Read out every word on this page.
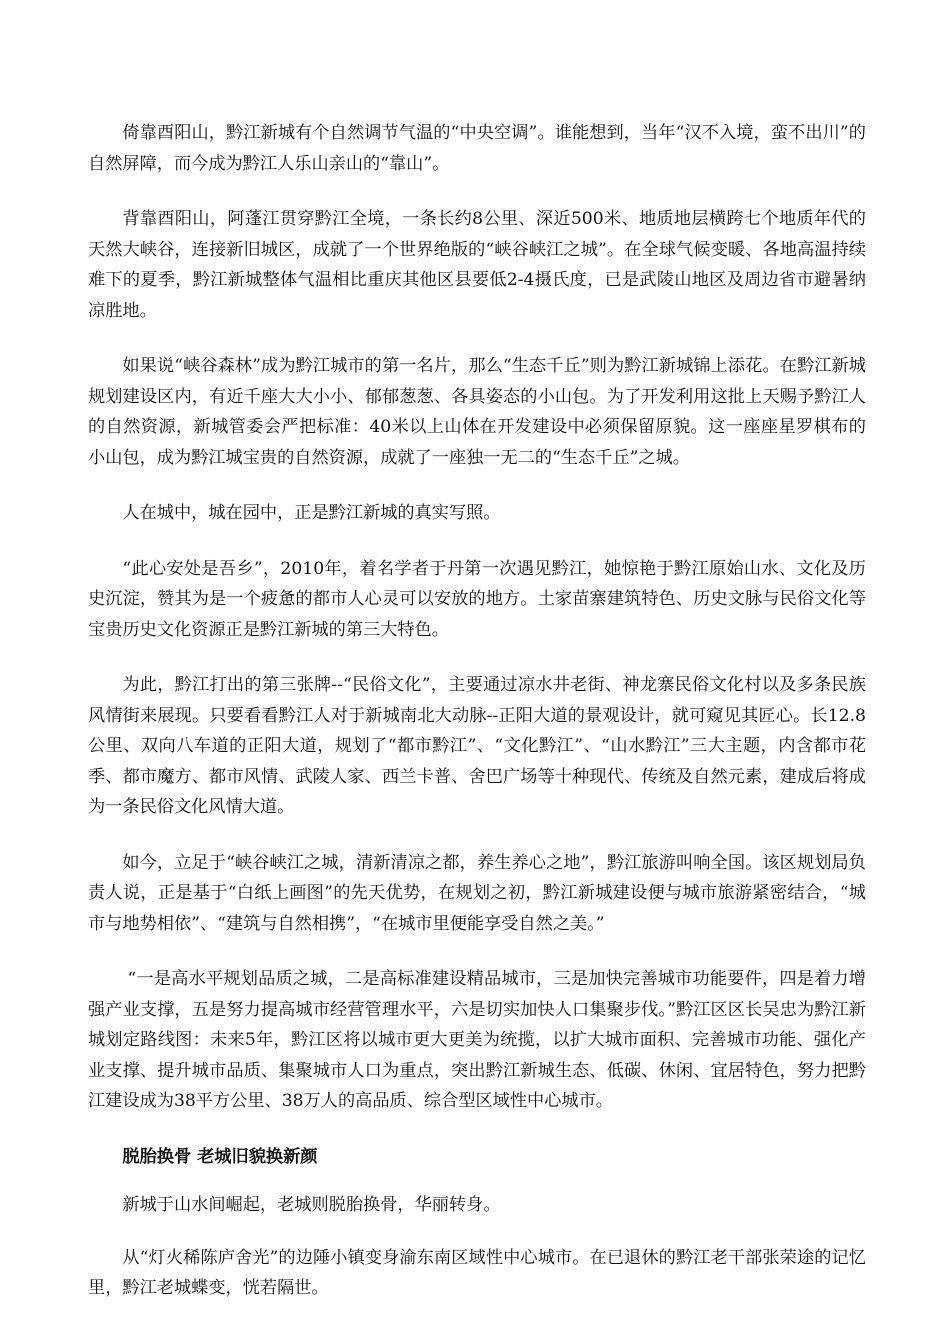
倚靠酉阳山，黔江新城有个自然调节气温的“中央空调”。谁能想到，当年“汉不入境，蛮不出川”的自然屏障，而今成为黔江人乐山亲山的“靠山”。

背靠酉阳山，阿蓬江贯穿黔江全境，一条长约8公里、深近500米、地质地层横跨七个地质年代的天然大峡谷，连接新旧城区，成就了一个世界绝版的“峡谷峡江之城”。在全球气候变暖、各地高温持续难下的夏季，黔江新城整体气温相比重庆其他区县要低2-4摄氏度，已是武陵山地区及周边省市避暑纳凉胜地。

如果说“峡谷森林”成为黔江城市的第一名片，那么“生态千丘”则为黔江新城锦上添花。在黔江新城规划建设区内，有近千座大大小小、郁郁葱葱、各具姿态的小山包。为了开发利用这批上天赐予黔江人的自然资源，新城管委会严把标准：40米以上山体在开发建设中必须保留原貌。这一座座星罗棋布的小山包，成为黔江城宝贵的自然资源，成就了一座独一无二的“生态千丘”之城。

人在城中，城在园中，正是黔江新城的真实写照。

“此心安处是吾乡”，2010年，着名学者于丹第一次遇见黔江，她惊艳于黔江原始山水、文化及历史沉淀，赞其为是一个疲惫的都市人心灵可以安放的地方。土家苗寨建筑特色、历史文脉与民俗文化等宝贵历史文化资源正是黔江新城的第三大特色。

为此，黔江打出的第三张牌--“民俗文化”，主要通过凉水井老街、神龙寨民俗文化村以及多条民族风情街来展现。只要看看黔江人对于新城南北大动脉--正阳大道的景观设计，就可窥见其匠心。长12.8公里、双向八车道的正阳大道，规划了“都市黔江”、“文化黔江”、“山水黔江”三大主题，内含都市花季、都市魔方、都市风情、武陵人家、西兰卡普、舍巴广场等十种现代、传统及自然元素，建成后将成为一条民俗文化风情大道。

如今，立足于“峡谷峡江之城，清新清凉之都，养生养心之地”，黔江旅游叫响全国。该区规划局负责人说，正是基于“白纸上画图”的先天优势，在规划之初，黔江新城建设便与城市旅游紧密结合，“城市与地势相依”、“建筑与自然相携”，“在城市里便能享受自然之美。”

“一是高水平规划品质之城，二是高标准建设精品城市，三是加快完善城市功能要件，四是着力增强产业支撑，五是努力提高城市经营管理水平，六是切实加快人口集聚步伐。”黔江区区长吴忠为黔江新城划定路线图：未来5年，黔江区将以城市更大更美为统揽，以扩大城市面积、完善城市功能、强化产业支撑、提升城市品质、集聚城市人口为重点，突出黔江新城生态、低碳、休闲、宜居特色，努力把黔江建设成为38平方公里、38万人的高品质、综合型区域性中心城市。

脱胎换骨 老城旧貌换新颜

新城于山水间崛起，老城则脱胎换骨，华丽转身。

从“灯火稀陈庐舍光”的边陲小镇变身渝东南区域性中心城市。在已退休的黔江老干部张荣途的记忆里，黔江老城蝶变，恍若隔世。
